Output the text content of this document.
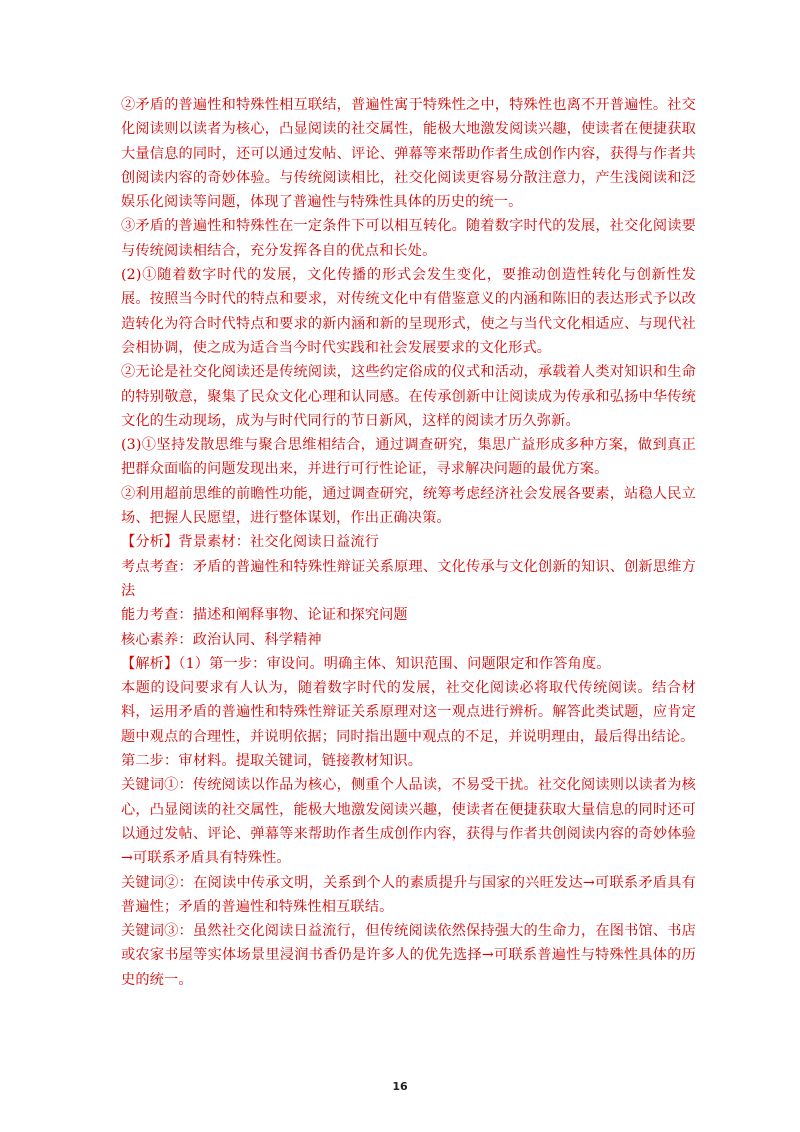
②矛盾的普遍性和特殊性相互联结，普遍性寓于特殊性之中，特殊性也离不开普遍性。社交化阅读则以读者为核心，凸显阅读的社交属性，能极大地激发阅读兴趣，使读者在便捷获取大量信息的同时，还可以通过发帖、评论、弹幕等来帮助作者生成创作内容，获得与作者共创阅读内容的奇妙体验。与传统阅读相比，社交化阅读更容易分散注意力，产生浅阅读和泛娱乐化阅读等问题，体现了普遍性与特殊性具体的历史的统一。

③矛盾的普遍性和特殊性在一定条件下可以相互转化。随着数字时代的发展，社交化阅读要与传统阅读相结合，充分发挥各自的优点和长处。

(2)①随着数字时代的发展，文化传播的形式会发生变化，要推动创造性转化与创新性发展。按照当今时代的特点和要求，对传统文化中有借鉴意义的内涵和陈旧的表达形式予以改造转化为符合时代特点和要求的新内涵和新的呈现形式，使之与当代文化相适应、与现代社会相协调，使之成为适合当今时代实践和社会发展要求的文化形式。

②无论是社交化阅读还是传统阅读，这些约定俗成的仪式和活动，承载着人类对知识和生命的特别敬意，聚集了民众文化心理和认同感。在传承创新中让阅读成为传承和弘扬中华传统文化的生动现场，成为与时代同行的节日新风，这样的阅读才历久弥新。

(3)①坚持发散思维与聚合思维相结合，通过调查研究，集思广益形成多种方案，做到真正把群众面临的问题发现出来，并进行可行性论证，寻求解决问题的最优方案。

②利用超前思维的前瞻性功能，通过调查研究，统筹考虑经济社会发展各要素，站稳人民立场、把握人民愿望，进行整体谋划，作出正确决策。

【分析】背景素材：社交化阅读日益流行

考点考查：矛盾的普遍性和特殊性辩证关系原理、文化传承与文化创新的知识、创新思维方法

能力考查：描述和阐释事物、论证和探究问题

核心素养：政治认同、科学精神

【解析】（1）第一步：审设问。明确主体、知识范围、问题限定和作答角度。

本题的设问要求有人认为，随着数字时代的发展，社交化阅读必将取代传统阅读。结合材料，运用矛盾的普遍性和特殊性辩证关系原理对这一观点进行辨析。解答此类试题，应肯定题中观点的合理性，并说明依据；同时指出题中观点的不足，并说明理由，最后得出结论。

第二步：审材料。提取关键词，链接教材知识。

关键词①：传统阅读以作品为核心，侧重个人品读，不易受干扰。社交化阅读则以读者为核心，凸显阅读的社交属性，能极大地激发阅读兴趣，使读者在便捷获取大量信息的同时还可以通过发帖、评论、弹幕等来帮助作者生成创作内容，获得与作者共创阅读内容的奇妙体验→可联系矛盾具有特殊性。

关键词②：在阅读中传承文明，关系到个人的素质提升与国家的兴旺发达→可联系矛盾具有普遍性；矛盾的普遍性和特殊性相互联结。

关键词③：虽然社交化阅读日益流行，但传统阅读依然保持强大的生命力，在图书馆、书店或农家书屋等实体场景里浸润书香仍是许多人的优先选择→可联系普遍性与特殊性具体的历史的统一。

16
